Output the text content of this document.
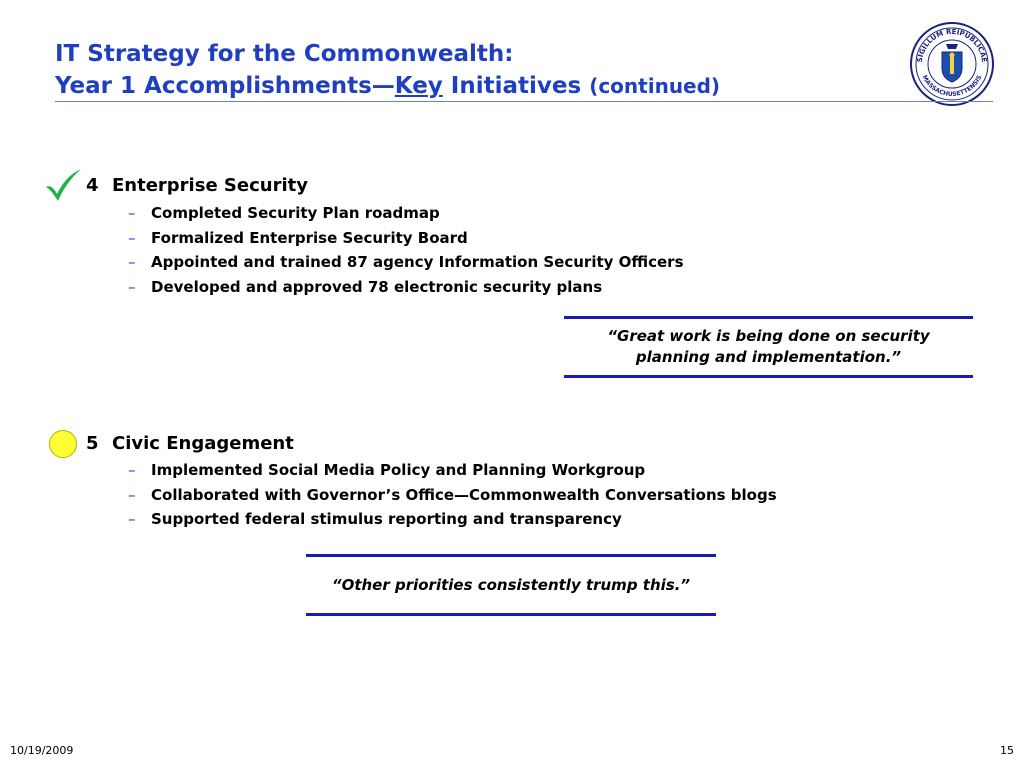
IT Strategy for the Commonwealth:
Year 1 Accomplishments—Key Initiatives (continued)
SIGILLUM REIPUBLICAE
MASSACHUSETTENSIS
4 Enterprise Security
– Completed Security Plan roadmap
– Formalized Enterprise Security Board
– Appointed and trained 87 agency Information Security Officers
– Developed and approved 78 electronic security plans
“Great work is being done on security
planning and implementation.”
5 Civic Engagement
– Implemented Social Media Policy and Planning Workgroup
– Collaborated with Governor’s Office—Commonwealth Conversations blogs
– Supported federal stimulus reporting and transparency
“Other priorities consistently trump this.”
10/19/2009	15
